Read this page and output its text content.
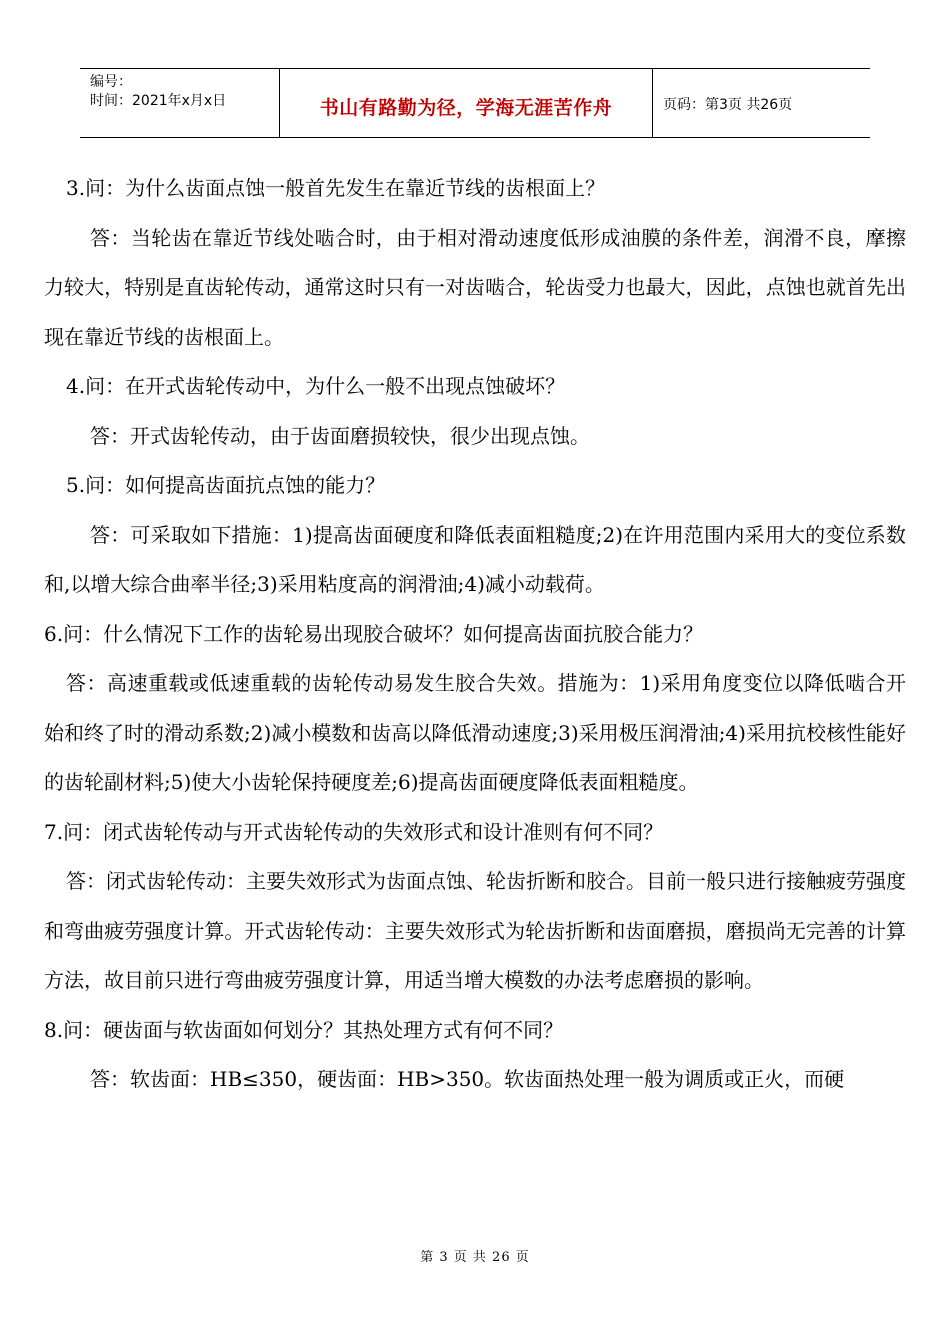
编号：
时间：2021年x月x日	书山有路勤为径，学海无涯苦作舟	页码：第3页 共26页

3.问：为什么齿面点蚀一般首先发生在靠近节线的齿根面上？

答：当轮齿在靠近节线处啮合时，由于相对滑动速度低形成油膜的条件差，润滑不良，摩擦力较大，特别是直齿轮传动，通常这时只有一对齿啮合，轮齿受力也最大，因此，点蚀也就首先出现在靠近节线的齿根面上。

4.问：在开式齿轮传动中，为什么一般不出现点蚀破坏？

答：开式齿轮传动，由于齿面磨损较快，很少出现点蚀。

5.问：如何提高齿面抗点蚀的能力？

答：可采取如下措施：1)提高齿面硬度和降低表面粗糙度;2)在许用范围内采用大的变位系数和,以增大综合曲率半径;3)采用粘度高的润滑油;4)减小动载荷。

6.问：什么情况下工作的齿轮易出现胶合破坏？如何提高齿面抗胶合能力？

答：高速重载或低速重载的齿轮传动易发生胶合失效。措施为：1)采用角度变位以降低啮合开始和终了时的滑动系数;2)减小模数和齿高以降低滑动速度;3)采用极压润滑油;4)采用抗校核性能好的齿轮副材料;5)使大小齿轮保持硬度差;6)提高齿面硬度降低表面粗糙度。

7.问：闭式齿轮传动与开式齿轮传动的失效形式和设计准则有何不同？

答：闭式齿轮传动：主要失效形式为齿面点蚀、轮齿折断和胶合。目前一般只进行接触疲劳强度和弯曲疲劳强度计算。开式齿轮传动：主要失效形式为轮齿折断和齿面磨损，磨损尚无完善的计算方法，故目前只进行弯曲疲劳强度计算，用适当增大模数的办法考虑磨损的影响。

8.问：硬齿面与软齿面如何划分？其热处理方式有何不同？

答：软齿面：HB≤350，硬齿面：HB>350。软齿面热处理一般为调质或正火，而硬

第 3 页 共 26 页
